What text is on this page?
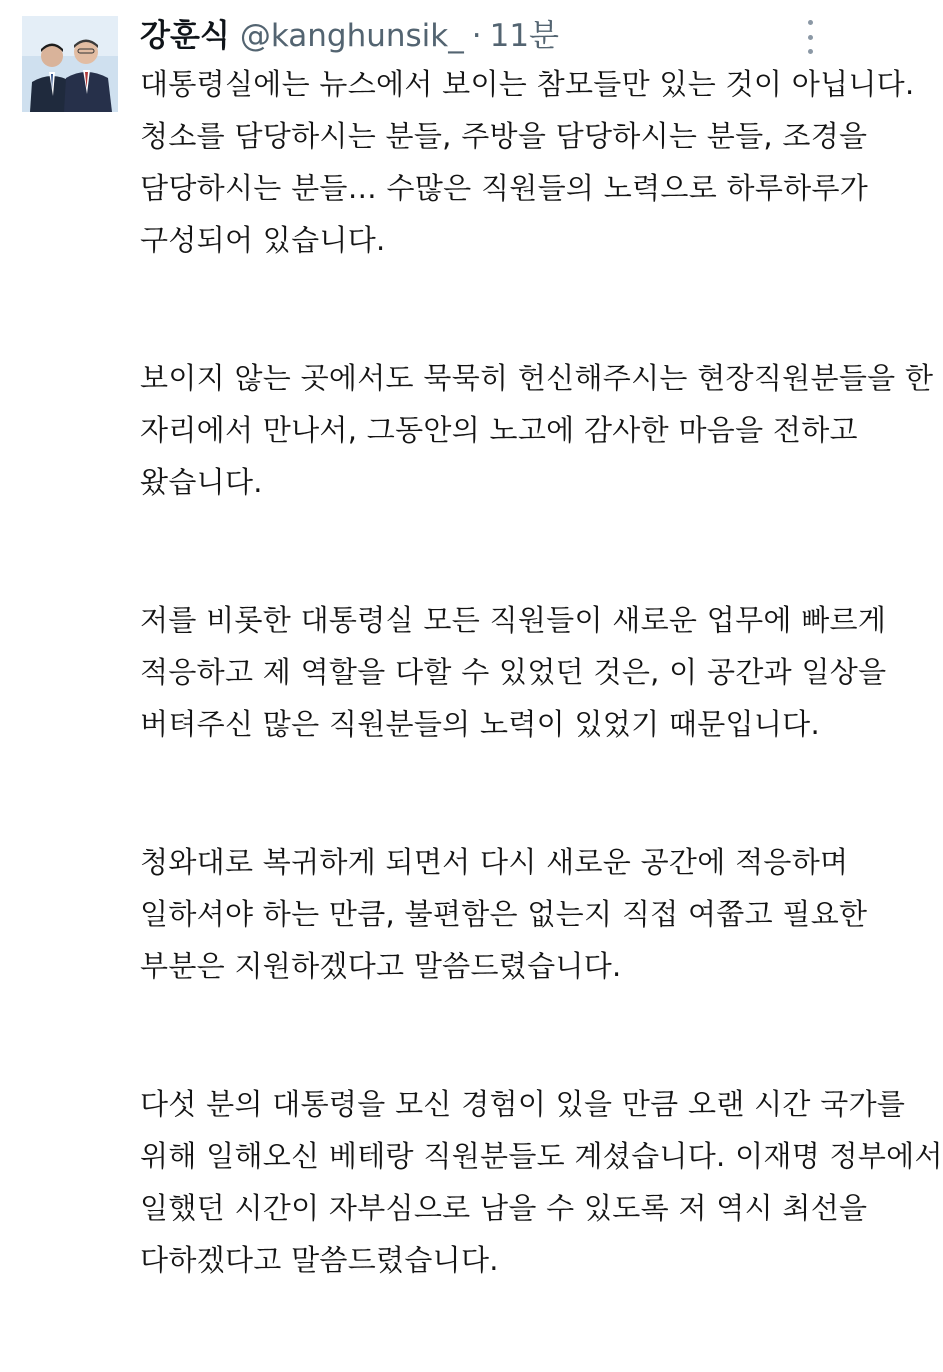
강훈식 @kanghunsik_ · 11분
대통령실에는 뉴스에서 보이는 참모들만 있는 것이 아닙니다.
청소를 담당하시는 분들, 주방을 담당하시는 분들, 조경을
담당하시는 분들… 수많은 직원들의 노력으로 하루하루가
구성되어 있습니다.
보이지 않는 곳에서도 묵묵히 헌신해주시는 현장직원분들을 한
자리에서 만나서, 그동안의 노고에 감사한 마음을 전하고
왔습니다.
저를 비롯한 대통령실 모든 직원들이 새로운 업무에 빠르게
적응하고 제 역할을 다할 수 있었던 것은, 이 공간과 일상을
버텨주신 많은 직원분들의 노력이 있었기 때문입니다.
청와대로 복귀하게 되면서 다시 새로운 공간에 적응하며
일하셔야 하는 만큼, 불편함은 없는지 직접 여쭙고 필요한
부분은 지원하겠다고 말씀드렸습니다.
다섯 분의 대통령을 모신 경험이 있을 만큼 오랜 시간 국가를
위해 일해오신 베테랑 직원분들도 계셨습니다. 이재명 정부에서
일했던 시간이 자부심으로 남을 수 있도록 저 역시 최선을
다하겠다고 말씀드렸습니다.
